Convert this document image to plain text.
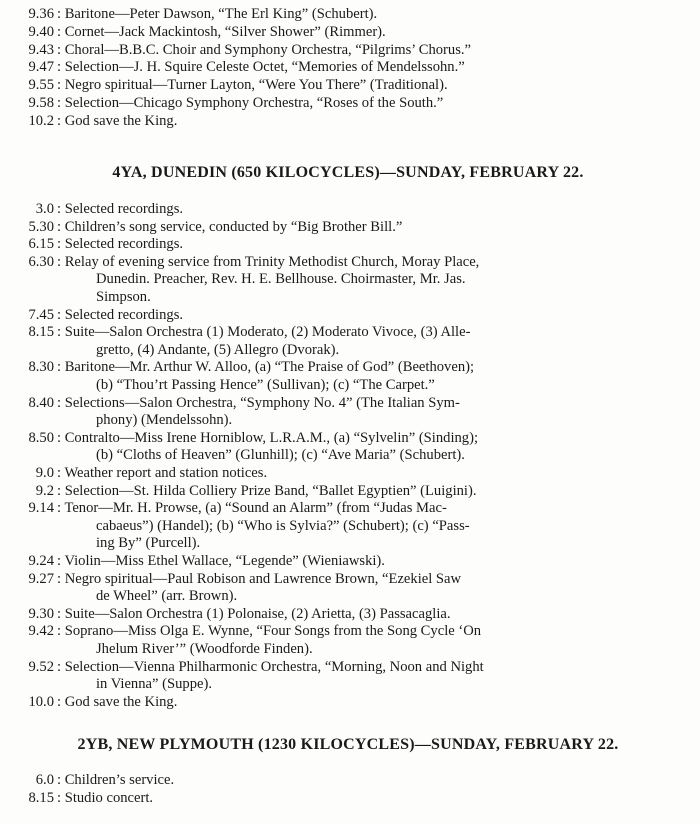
9.36 : Baritone—Peter Dawson, “The Erl King” (Schubert).
9.40 : Cornet—Jack Mackintosh, “Silver Shower” (Rimmer).
9.43 : Choral—B.B.C. Choir and Symphony Orchestra, “Pilgrims’ Chorus.”
9.47 : Selection—J. H. Squire Celeste Octet, “Memories of Mendelssohn.”
9.55 : Negro spiritual—Turner Layton, “Were You There” (Traditional).
9.58 : Selection—Chicago Symphony Orchestra, “Roses of the South.”
10.2 : God save the King.
4YA, DUNEDIN (650 KILOCYCLES)—SUNDAY, FEBRUARY 22.
3.0 : Selected recordings.
5.30 : Children’s song service, conducted by “Big Brother Bill.”
6.15 : Selected recordings.
6.30 : Relay of evening service from Trinity Methodist Church, Moray Place,
Dunedin. Preacher, Rev. H. E. Bellhouse. Choirmaster, Mr. Jas.
Simpson.
7.45 : Selected recordings.
8.15 : Suite—Salon Orchestra (1) Moderato, (2) Moderato Vivoce, (3) Alle-
gretto, (4) Andante, (5) Allegro (Dvorak).
8.30 : Baritone—Mr. Arthur W. Alloo, (a) “The Praise of God” (Beethoven);
(b) “Thou’rt Passing Hence” (Sullivan); (c) “The Carpet.”
8.40 : Selections—Salon Orchestra, “Symphony No. 4” (The Italian Sym-
phony) (Mendelssohn).
8.50 : Contralto—Miss Irene Horniblow, L.R.A.M., (a) “Sylvelin” (Sinding);
(b) “Cloths of Heaven” (Glunhill); (c) “Ave Maria” (Schubert).
9.0 : Weather report and station notices.
9.2 : Selection—St. Hilda Colliery Prize Band, “Ballet Egyptien” (Luigini).
9.14 : Tenor—Mr. H. Prowse, (a) “Sound an Alarm” (from “Judas Mac-
cabaeus”) (Handel); (b) “Who is Sylvia?” (Schubert); (c) “Pass-
ing By” (Purcell).
9.24 : Violin—Miss Ethel Wallace, “Legende” (Wieniawski).
9.27 : Negro spiritual—Paul Robison and Lawrence Brown, “Ezekiel Saw
de Wheel” (arr. Brown).
9.30 : Suite—Salon Orchestra (1) Polonaise, (2) Arietta, (3) Passacaglia.
9.42 : Soprano—Miss Olga E. Wynne, “Four Songs from the Song Cycle ‘On
Jhelum River’” (Woodforde Finden).
9.52 : Selection—Vienna Philharmonic Orchestra, “Morning, Noon and Night
in Vienna” (Suppe).
10.0 : God save the King.
2YB, NEW PLYMOUTH (1230 KILOCYCLES)—SUNDAY, FEBRUARY 22.
6.0 : Children’s service.
8.15 : Studio concert.
